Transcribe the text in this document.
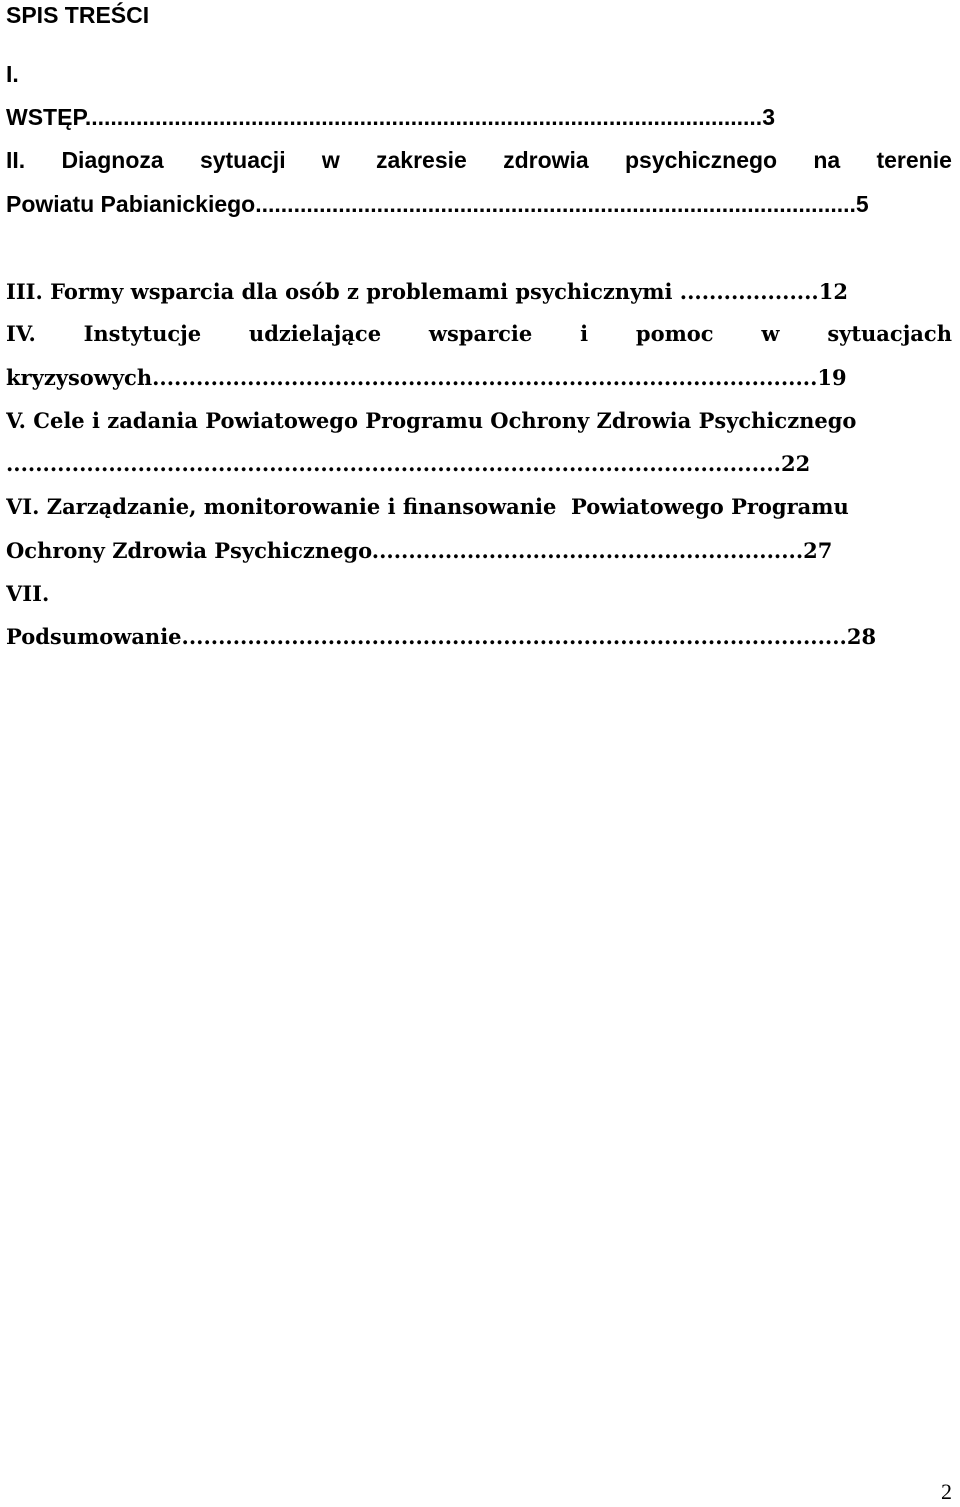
SPIS TREŚCI
I.
WSTĘP..........................................................................................................3
II. Diagnoza sytuacji w zakresie zdrowia psychicznego na terenie
Powiatu Pabianickiego..............................................................................................5
III. Formy wsparcia dla osób z problemami psychicznymi ...................12
IV. Instytucje udzielające wsparcie i pomoc w sytuacjach
kryzysowych...........................................................................................19
V. Cele i zadania Powiatowego Programu Ochrony Zdrowia Psychicznego
..........................................................................................................22
VI. Zarządzanie, monitorowanie i finansowanie  Powiatowego Programu
Ochrony Zdrowia Psychicznego...........................................................27
VII.
Podsumowanie...........................................................................................28
2
